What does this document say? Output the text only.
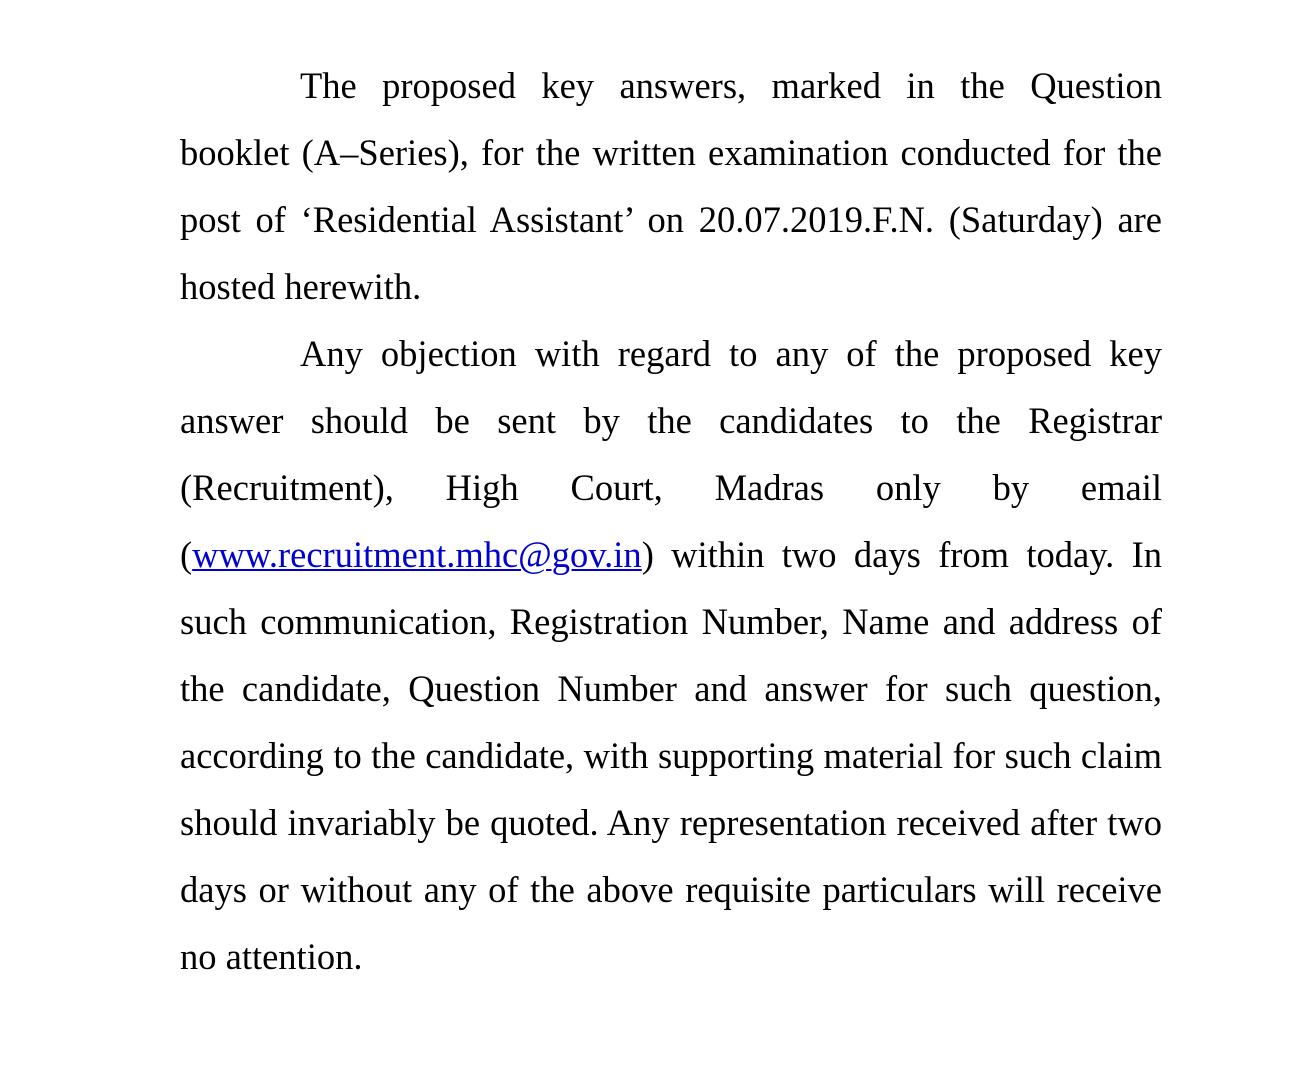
The proposed key answers, marked in the Question booklet (A–Series), for the written examination conducted for the post of ‘Residential Assistant’ on 20.07.2019.F.N. (Saturday) are hosted herewith.

Any objection with regard to any of the proposed key answer should be sent by the candidates to the Registrar (Recruitment), High Court, Madras only by email (www.recruitment.mhc@gov.in) within two days from today. In such communication, Registration Number, Name and address of the candidate, Question Number and answer for such question, according to the candidate, with supporting material for such claim should invariably be quoted. Any representation received after two days or without any of the above requisite particulars will receive no attention.
